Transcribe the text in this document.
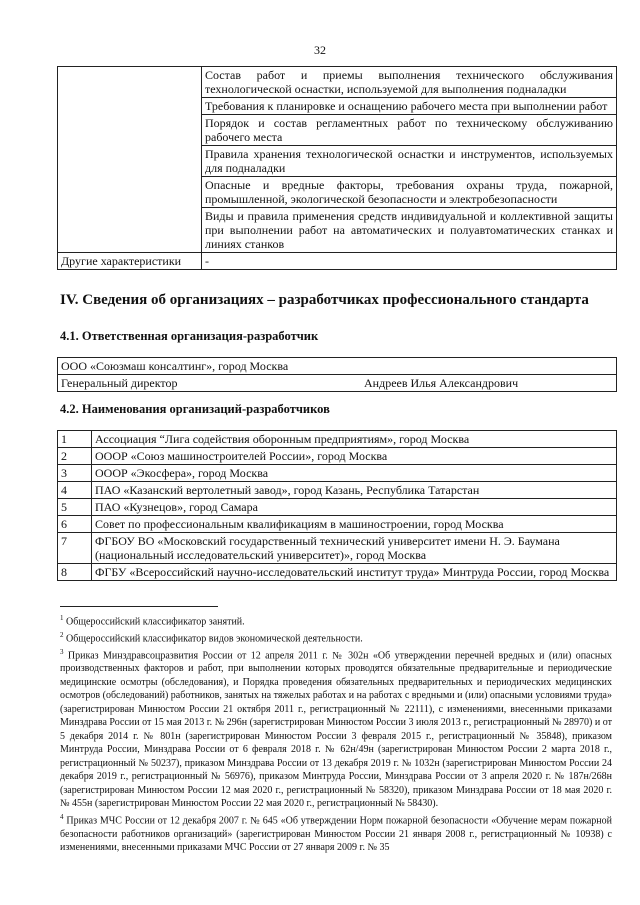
32
	Состав работ и приемы выполнения технического обслуживания технологической оснастки, используемой для выполнения подналадки
	Требования к планировке и оснащению рабочего места при выполнении работ
	Порядок и состав регламентных работ по техническому обслуживанию рабочего места
	Правила хранения технологической оснастки и инструментов, используемых для подналадки
	Опасные и вредные факторы, требования охраны труда, пожарной, промышленной, экологической безопасности и электробезопасности
	Виды и правила применения средств индивидуальной и коллективной защиты при выполнении работ на автоматических и полуавтоматических станках и линиях станков
Другие характеристики	-
IV. Сведения об организациях – разработчиках профессионального стандарта
4.1. Ответственная организация-разработчик
ООО «Союзмаш консалтинг», город Москва
Генеральный директор	Андреев Илья Александрович
4.2. Наименования организаций-разработчиков
1	Ассоциация “Лига содействия оборонным предприятиям», город Москва
2	ОООР «Союз машиностроителей России», город Москва
3	ОООР «Экосфера», город Москва
4	ПАО «Казанский вертолетный завод», город Казань, Республика Татарстан
5	ПАО «Кузнецов», город Самара
6	Совет по профессиональным квалификациям в машиностроении, город Москва
7	ФГБОУ ВО «Московский государственный технический университет имени Н. Э. Баумана (национальный исследовательский университет)», город Москва
8	ФГБУ «Всероссийский научно-исследовательский институт труда» Минтруда России, город Москва

$^1$ Общероссийский классификатор занятий.

$^2$ Общероссийский классификатор видов экономической деятельности.

$^3$ Приказ Минздравсоцразвития России от 12 апреля 2011 г. № 302н «Об утверждении перечней вредных и (или) опасных производственных факторов и работ, при выполнении которых проводятся обязательные предварительные и периодические медицинские осмотры (обследования), и Порядка проведения обязательных предварительных и периодических медицинских осмотров (обследований) работников, занятых на тяжелых работах и на работах с вредными и (или) опасными условиями труда» (зарегистрирован Минюстом России 21 октября 2011 г., регистрационный № 22111), с изменениями, внесенными приказами Минздрава России от 15 мая 2013 г. № 296н (зарегистрирован Минюстом России 3 июля 2013 г., регистрационный № 28970) и от 5 декабря 2014 г. № 801н (зарегистрирован Минюстом России 3 февраля 2015 г., регистрационный № 35848), приказом Минтруда России, Минздрава России от 6 февраля 2018 г. № 62н/49н (зарегистрирован Минюстом России 2 марта 2018 г., регистрационный № 50237), приказом Минздрава России от 13 декабря 2019 г. № 1032н (зарегистрирован Минюстом России 24 декабря 2019 г., регистрационный № 56976), приказом Минтруда России, Минздрава России от 3 апреля 2020 г. № 187н/268н (зарегистрирован Минюстом России 12 мая 2020 г., регистрационный № 58320), приказом Минздрава России от 18 мая 2020 г. № 455н (зарегистрирован Минюстом России 22 мая 2020 г., регистрационный № 58430).

$^4$ Приказ МЧС России от 12 декабря 2007 г. № 645 «Об утверждении Норм пожарной безопасности «Обучение мерам пожарной безопасности работников организаций» (зарегистрирован Минюстом России 21 января 2008 г., регистрационный № 10938) с изменениями, внесенными приказами МЧС России от 27 января 2009 г. № 35
